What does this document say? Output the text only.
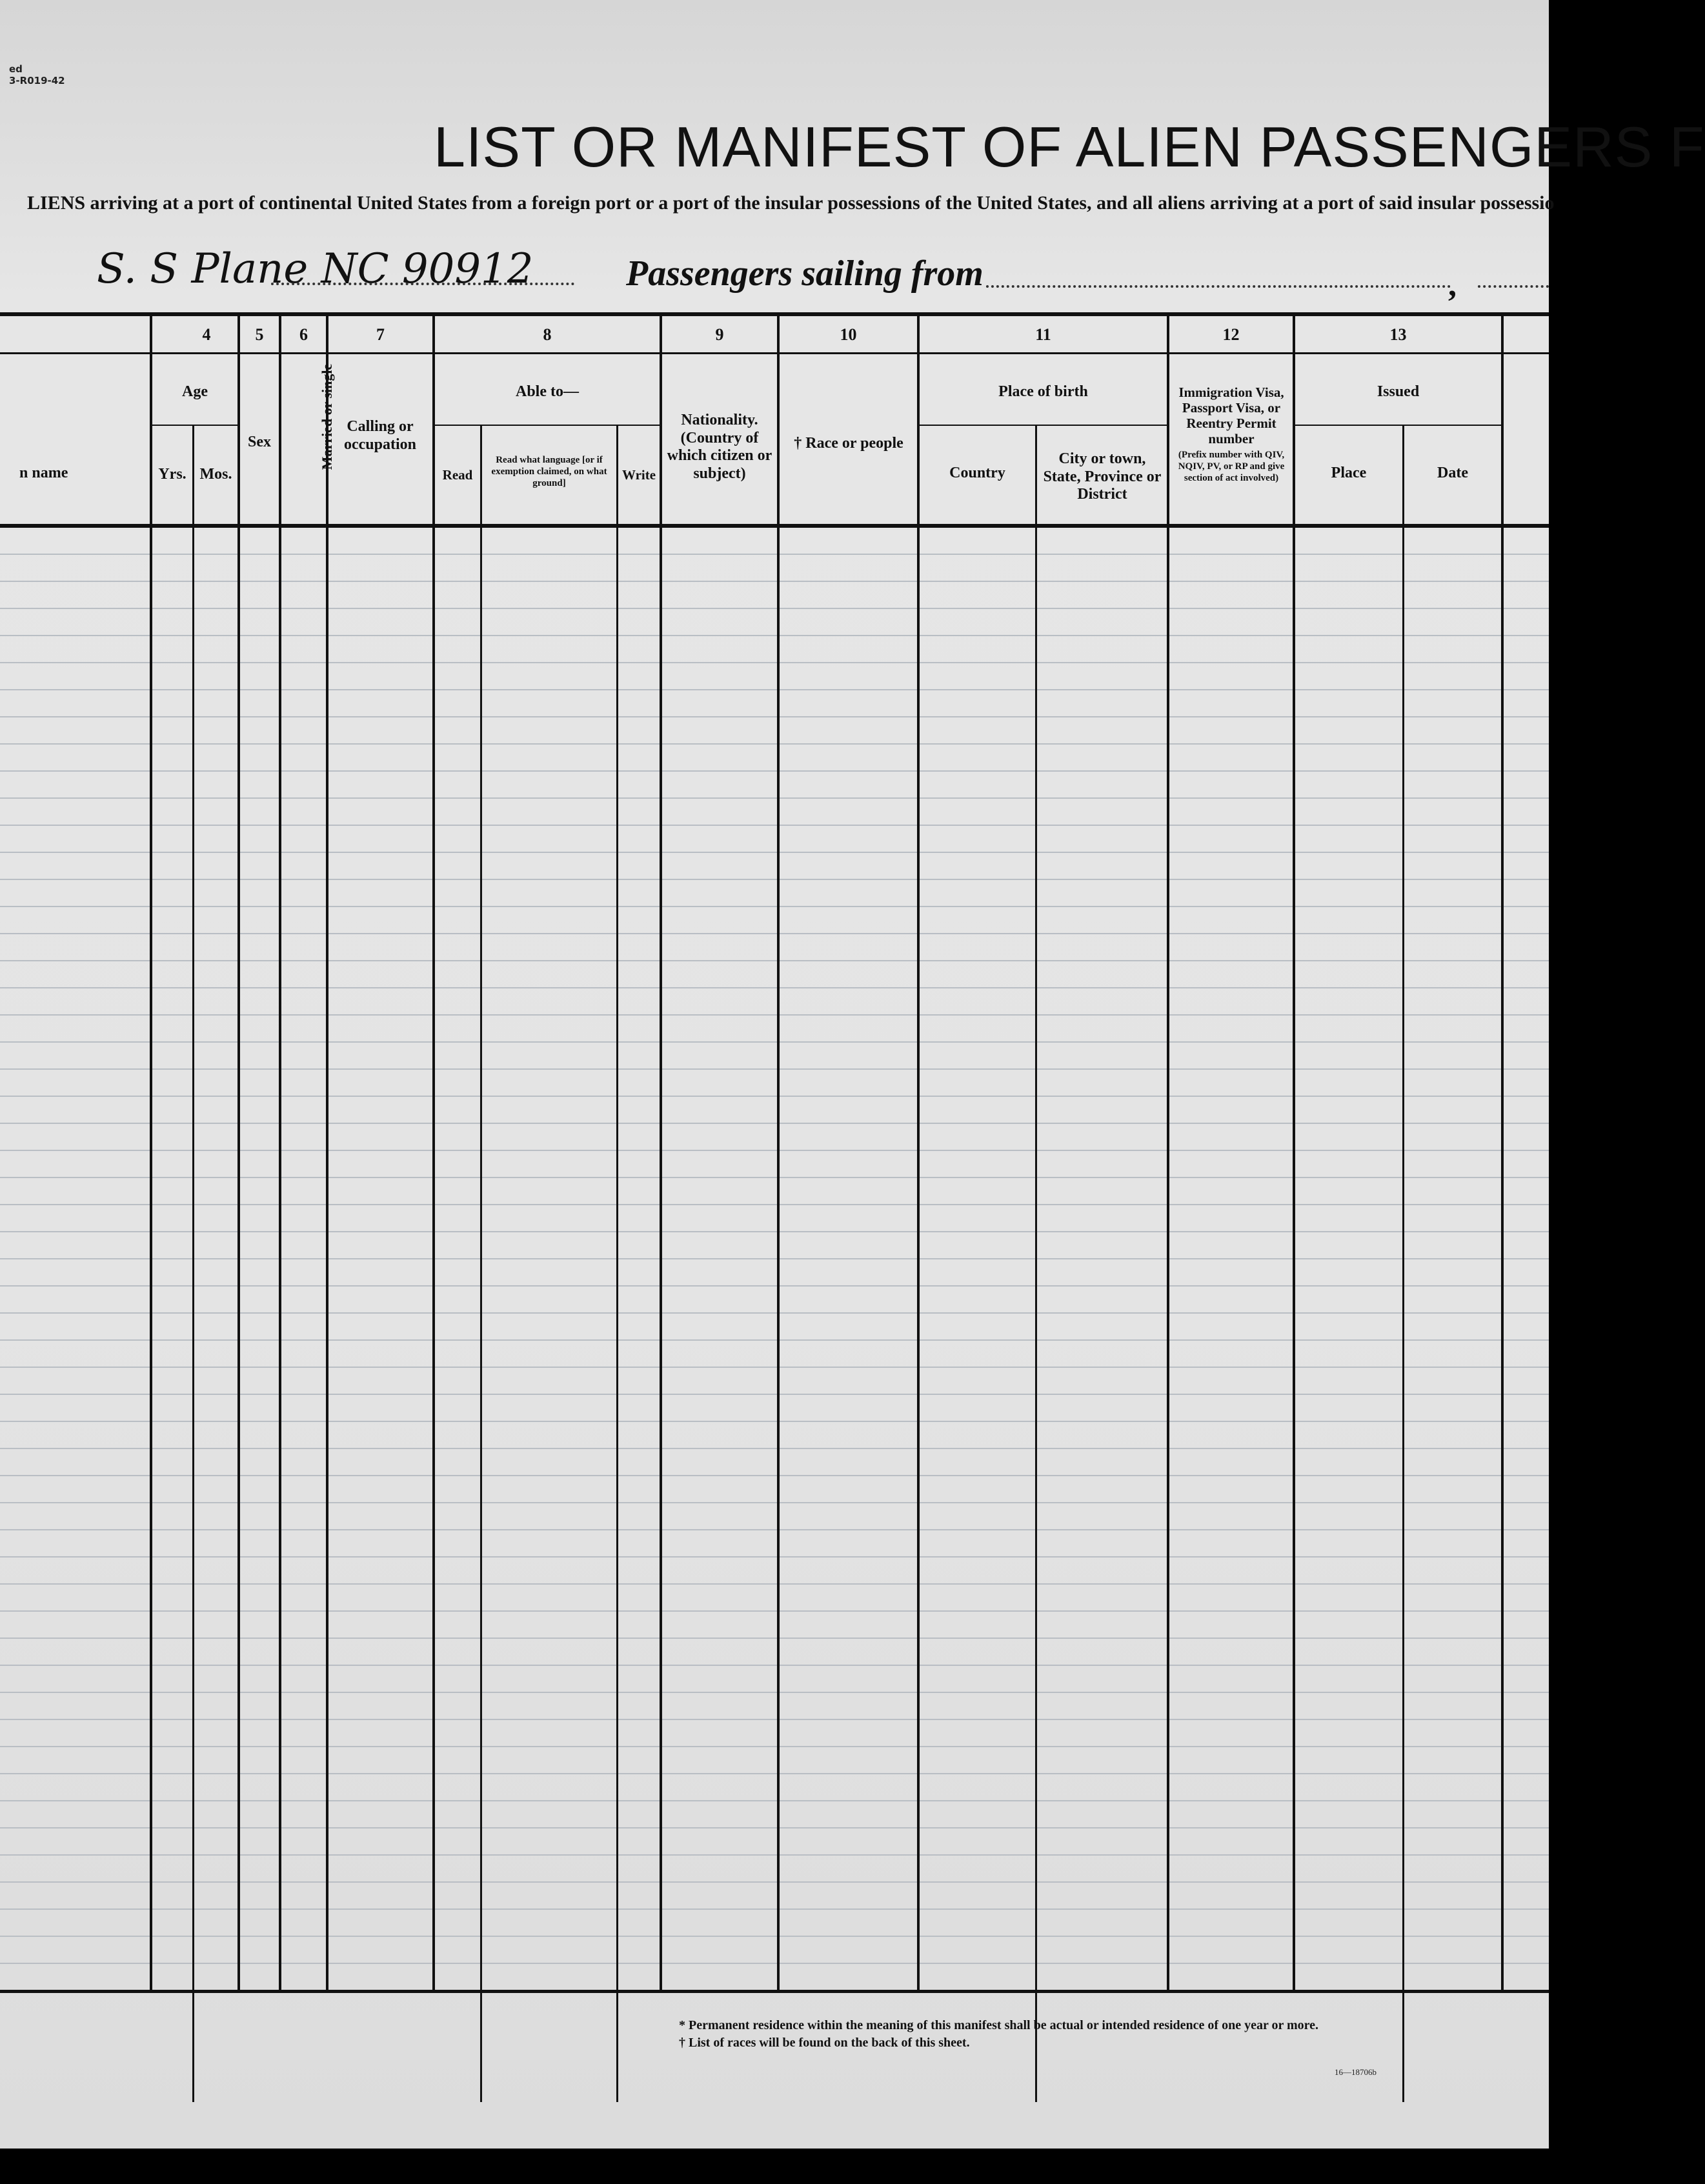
ed
3-R019-42
LIST OR MANIFEST OF ALIEN PASSENGERS F
LIENS arriving at a port of continental United States from a foreign port or a port of the insular possessions of the United States, and all aliens arriving at a port of said insular possessio
S. S Plane NC 90912	Passengers sailing from	,
4	5	6	7	8	9	10	11	12	13
n name
Age
Yrs. Mos.
Sex	Married or single Calling or occupation
Able to—
Read
Read what language [or if exemption claimed, on what ground]
Write
Nationality. (Country of which citizen or subject)
† Race or people
Place of birth
Country
City or town, State, Province or District
Immigration Visa, Passport Visa, or Reentry Permit number
(Prefix number with QIV, NQIV, PV, or RP and give section of act involved)
Issued
Place	Date
* Permanent residence within the meaning of this manifest shall be actual or intended residence of one year or more.
† List of races will be found on the back of this sheet.
16—18706b
